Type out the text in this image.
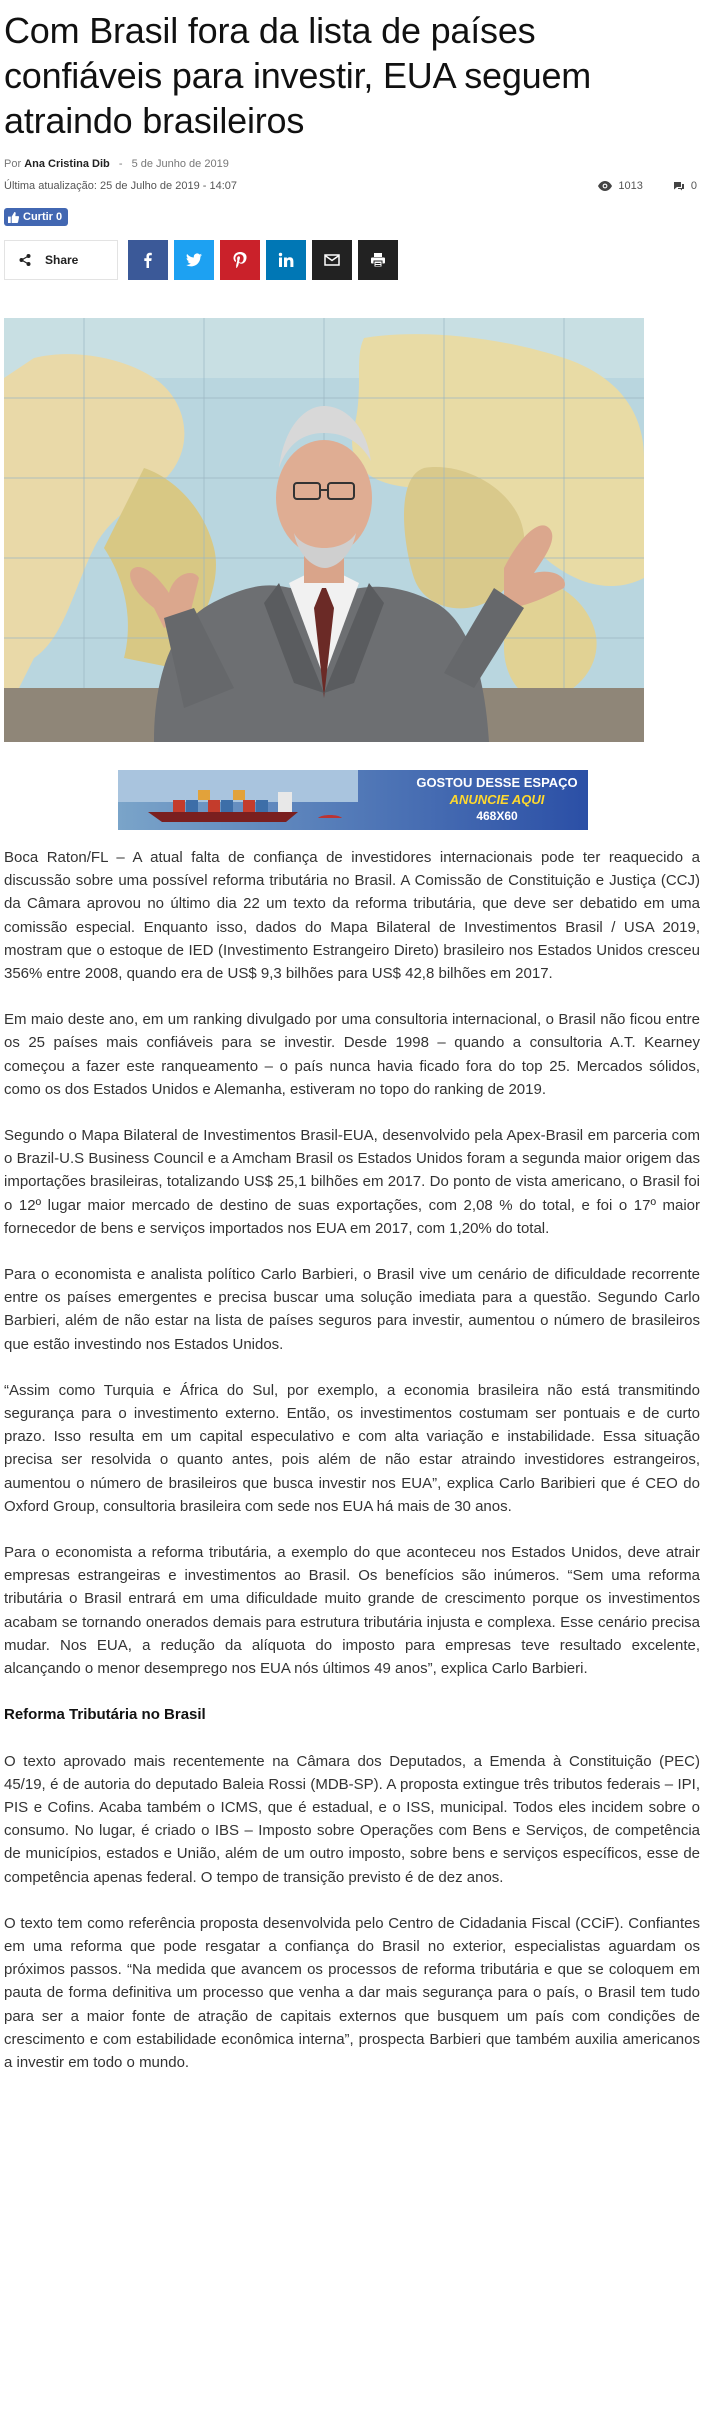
Com Brasil fora da lista de países confiáveis para investir, EUA seguem atraindo brasileiros
Por Ana Cristina Dib - 5 de Junho de 2019
Última atualização: 25 de Julho de 2019 - 14:07	1013	0
Curtir 0
Share
GOSTOU DESSE ESPAÇO
ANUNCIE AQUI
468X60

Boca Raton/FL – A atual falta de confiança de investidores internacionais pode ter reaquecido a discussão sobre uma possível reforma tributária no Brasil. A Comissão de Constituição e Justiça (CCJ) da Câmara aprovou no último dia 22 um texto da reforma tributária, que deve ser debatido em uma comissão especial. Enquanto isso, dados do Mapa Bilateral de Investimentos Brasil / USA 2019, mostram que o estoque de IED (Investimento Estrangeiro Direto) brasileiro nos Estados Unidos cresceu 356% entre 2008, quando era de US$ 9,3 bilhões para US$ 42,8 bilhões em 2017.

Em maio deste ano, em um ranking divulgado por uma consultoria internacional, o Brasil não ficou entre os 25 países mais confiáveis para se investir. Desde 1998 – quando a consultoria A.T. Kearney começou a fazer este ranqueamento – o país nunca havia ficado fora do top 25. Mercados sólidos, como os dos Estados Unidos e Alemanha, estiveram no topo do ranking de 2019.

Segundo o Mapa Bilateral de Investimentos Brasil-EUA, desenvolvido pela Apex-Brasil em parceria com o Brazil-U.S Business Council e a Amcham Brasil os Estados Unidos foram a segunda maior origem das importações brasileiras, totalizando US$ 25,1 bilhões em 2017. Do ponto de vista americano, o Brasil foi o 12º lugar maior mercado de destino de suas exportações, com 2,08 % do total, e foi o 17º maior fornecedor de bens e serviços importados nos EUA em 2017, com 1,20% do total.

Para o economista e analista político Carlo Barbieri, o Brasil vive um cenário de dificuldade recorrente entre os países emergentes e precisa buscar uma solução imediata para a questão. Segundo Carlo Barbieri, além de não estar na lista de países seguros para investir, aumentou o número de brasileiros que estão investindo nos Estados Unidos.

“Assim como Turquia e África do Sul, por exemplo, a economia brasileira não está transmitindo segurança para o investimento externo. Então, os investimentos costumam ser pontuais e de curto prazo. Isso resulta em um capital especulativo e com alta variação e instabilidade. Essa situação precisa ser resolvida o quanto antes, pois além de não estar atraindo investidores estrangeiros, aumentou o número de brasileiros que busca investir nos EUA”, explica Carlo Baribieri que é CEO do Oxford Group, consultoria brasileira com sede nos EUA há mais de 30 anos.

Para o economista a reforma tributária, a exemplo do que aconteceu nos Estados Unidos, deve atrair empresas estrangeiras e investimentos ao Brasil. Os benefícios são inúmeros. “Sem uma reforma tributária o Brasil entrará em uma dificuldade muito grande de crescimento porque os investimentos acabam se tornando onerados demais para estrutura tributária injusta e complexa. Esse cenário precisa mudar. Nos EUA, a redução da alíquota do imposto para empresas teve resultado excelente, alcançando o menor desemprego nos EUA nós últimos 49 anos”, explica Carlo Barbieri.

Reforma Tributária no Brasil

O texto aprovado mais recentemente na Câmara dos Deputados, a Emenda à Constituição (PEC) 45/19, é de autoria do deputado Baleia Rossi (MDB-SP). A proposta extingue três tributos federais – IPI, PIS e Cofins. Acaba também o ICMS, que é estadual, e o ISS, municipal. Todos eles incidem sobre o consumo. No lugar, é criado o IBS – Imposto sobre Operações com Bens e Serviços, de competência de municípios, estados e União, além de um outro imposto, sobre bens e serviços específicos, esse de competência apenas federal. O tempo de transição previsto é de dez anos.

O texto tem como referência proposta desenvolvida pelo Centro de Cidadania Fiscal (CCiF). Confiantes em uma reforma que pode resgatar a confiança do Brasil no exterior, especialistas aguardam os próximos passos. “Na medida que avancem os processos de reforma tributária e que se coloquem em pauta de forma definitiva um processo que venha a dar mais segurança para o país, o Brasil tem tudo para ser a maior fonte de atração de capitais externos que busquem um país com condições de crescimento e com estabilidade econômica interna”, prospecta Barbieri que também auxilia americanos a investir em todo o mundo.
